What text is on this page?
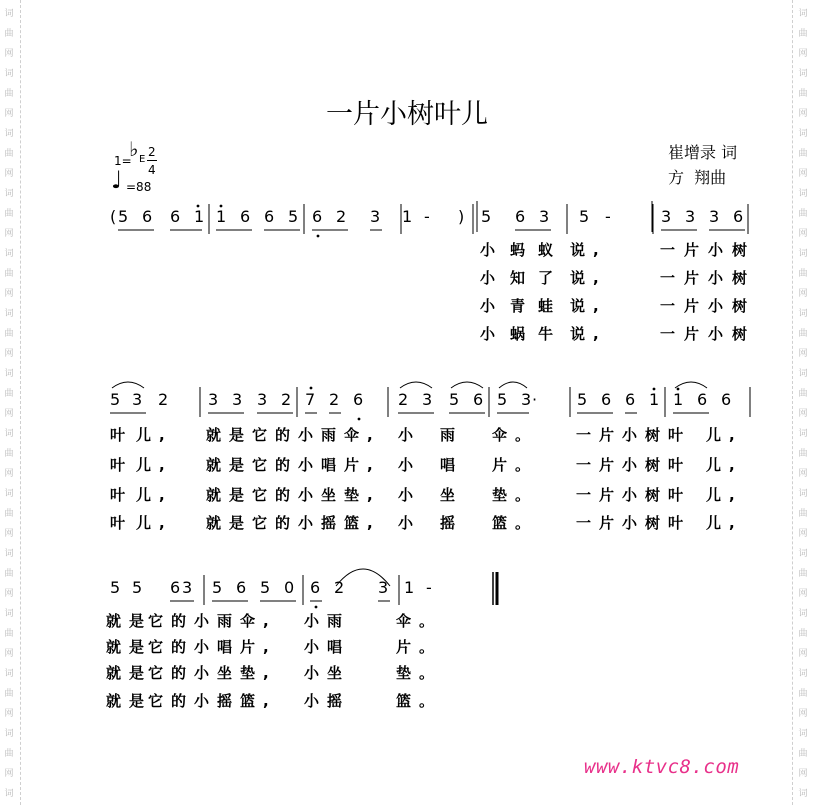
词
曲
网
词
曲
网
词
曲
网
词
曲
网
词
曲
网
词
曲
网
词
曲
网
词
曲
网
词
曲
网
词
曲
网
词
曲
网
词
曲
网
词
曲
网
词
词
曲
网
词
曲
网
词
曲
网
词
曲
网
词
曲
网
词
曲
网
词
曲
网
词
曲
网
词
曲
网
词
曲
网
词
曲
网
词
曲
网
词
曲
网
词
一片小树叶儿
1=
♭ E
2
4
♩ =88
崔增录 词
方  翔曲
( 5 6 6 1 1 6 6 5 6 2 3 1 - ) 5 6 3 5 -	3 3 3 6
小 蚂 蚁 说,	一 片 小 树
小 知 了 说,	一 片 小 树
小 青 蛙 说,	一 片 小 树
小 蜗 牛 说,	一 片 小 树
5 3 2 3 3 3 2 7 2 6 2 3 5 6 5 3 · 5 6 6 1 1 6 6
叶 儿, 就是它的小雨伞, 小 雨 伞。	一片小树叶 儿,
叶 儿, 就是它的小唱片, 小 唱 片。	一片小树叶 儿,
叶 儿, 就是它的小坐垫, 小 坐 垫。	一片小树叶 儿,
叶 儿, 就是它的小摇篮, 小 摇 篮。	一片小树叶 儿,
5 5 6 3 5 6 5 0 6 2 3 1 -
就是
它的小雨伞, 小雨	伞。
就是
它的小唱片, 小唱	片。
就是
它的小坐垫, 小坐	垫。
就是
它的小摇篮, 小摇	篮。
www.ktvc8.com
